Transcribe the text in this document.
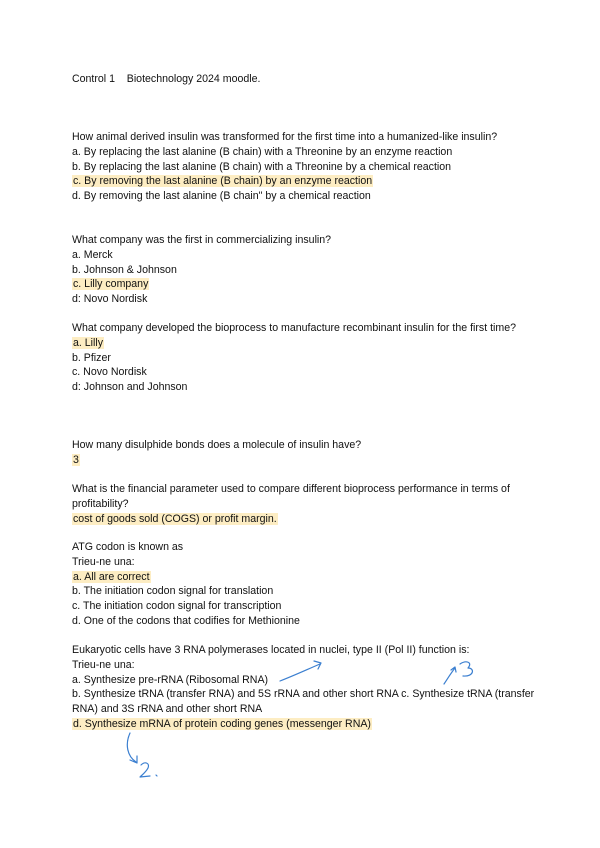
Control 1    Biotechnology 2024 moodle.
How animal derived insulin was transformed for the first time into a humanized-like insulin?
a. By replacing the last alanine (B chain) with a Threonine by an enzyme reaction
b. By replacing the last alanine (B chain) with a Threonine by a chemical reaction
c. By removing the last alanine (B chain) by an enzyme reaction
d. By removing the last alanine (B chain" by a chemical reaction
What company was the first in commercializing insulin?
a. Merck
b. Johnson & Johnson
c. Lilly company
d: Novo Nordisk
What company developed the bioprocess to manufacture recombinant insulin for the first time?
a. Lilly
b. Pfizer
c. Novo Nordisk
d: Johnson and Johnson
How many disulphide bonds does a molecule of insulin have?
3
What is the financial parameter used to compare different bioprocess performance in terms of profitability?
cost of goods sold (COGS) or profit margin.
ATG codon is known as
Trieu-ne una:
a. All are correct
b. The initiation codon signal for translation
c. The initiation codon signal for transcription
d. One of the codons that codifies for Methionine
Eukaryotic cells have 3 RNA polymerases located in nuclei, type II (Pol II) function is:
Trieu-ne una:
a. Synthesize pre-rRNA (Ribosomal RNA)
b. Synthesize tRNA (transfer RNA) and 5S rRNA and other short RNA c. Synthesize tRNA (transfer RNA) and 3S rRNA and other short RNA
d. Synthesize mRNA of protein coding genes (messenger RNA)
